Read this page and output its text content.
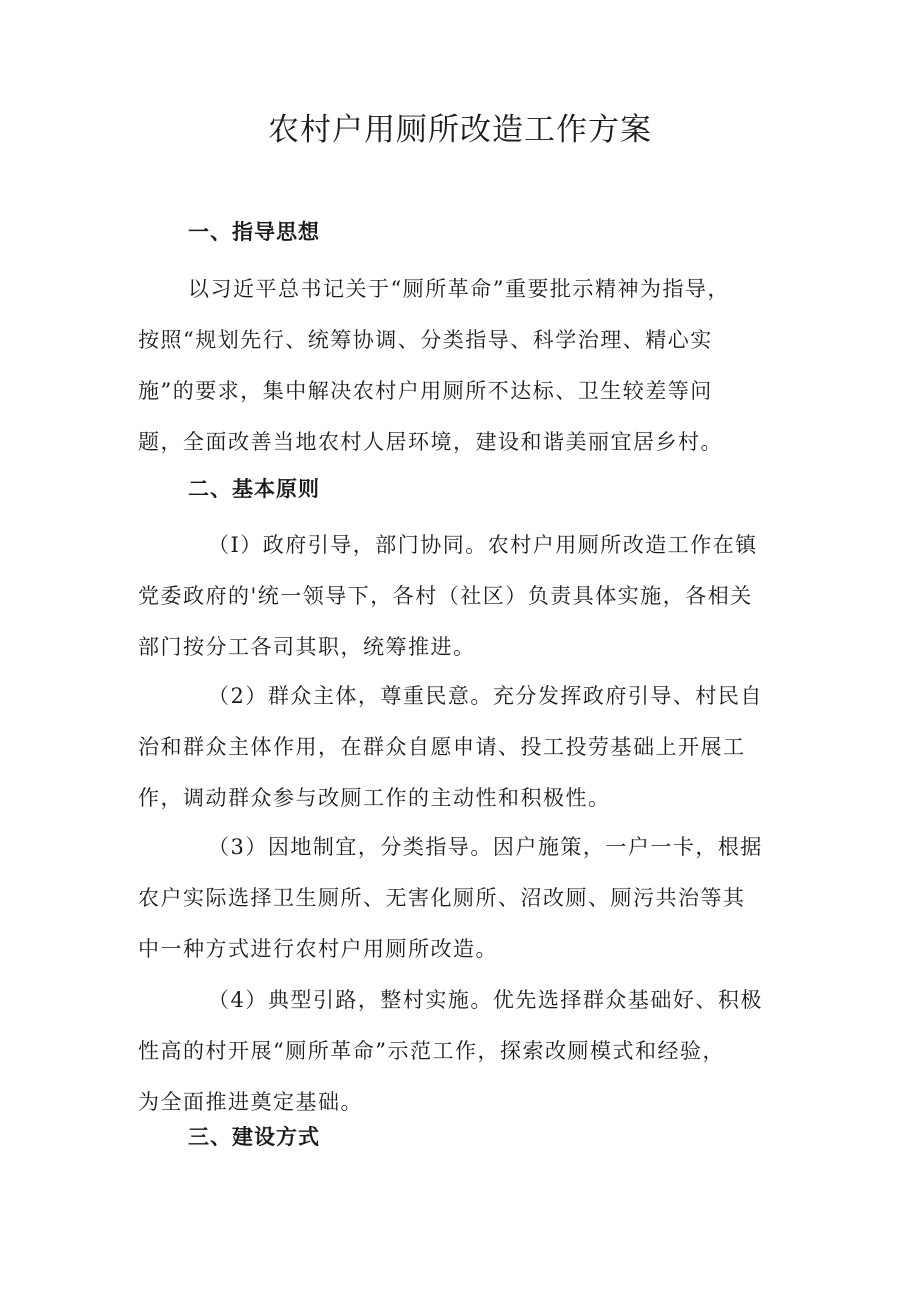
农村户用厕所改造工作方案
一、指导思想
以习近平总书记关于“厕所革命”重要批示精神为指导，
按照“规划先行、统筹协调、分类指导、科学治理、精心实
施”的要求，集中解决农村户用厕所不达标、卫生较差等问
题，全面改善当地农村人居环境，建设和谐美丽宜居乡村。
二、基本原则
（I）政府引导，部门协同。农村户用厕所改造工作在镇
党委政府的'统一领导下，各村（社区）负责具体实施，各相关
部门按分工各司其职，统筹推进。
（2）群众主体，尊重民意。充分发挥政府引导、村民自
治和群众主体作用，在群众自愿申请、投工投劳基础上开展工
作，调动群众参与改厕工作的主动性和积极性。
（3）因地制宜，分类指导。因户施策，一户一卡，根据
农户实际选择卫生厕所、无害化厕所、沼改厕、厕污共治等其
中一种方式进行农村户用厕所改造。
（4）典型引路，整村实施。优先选择群众基础好、积极
性高的村开展“厕所革命”示范工作，探索改厕模式和经验，
为全面推进奠定基础。
三、建设方式
